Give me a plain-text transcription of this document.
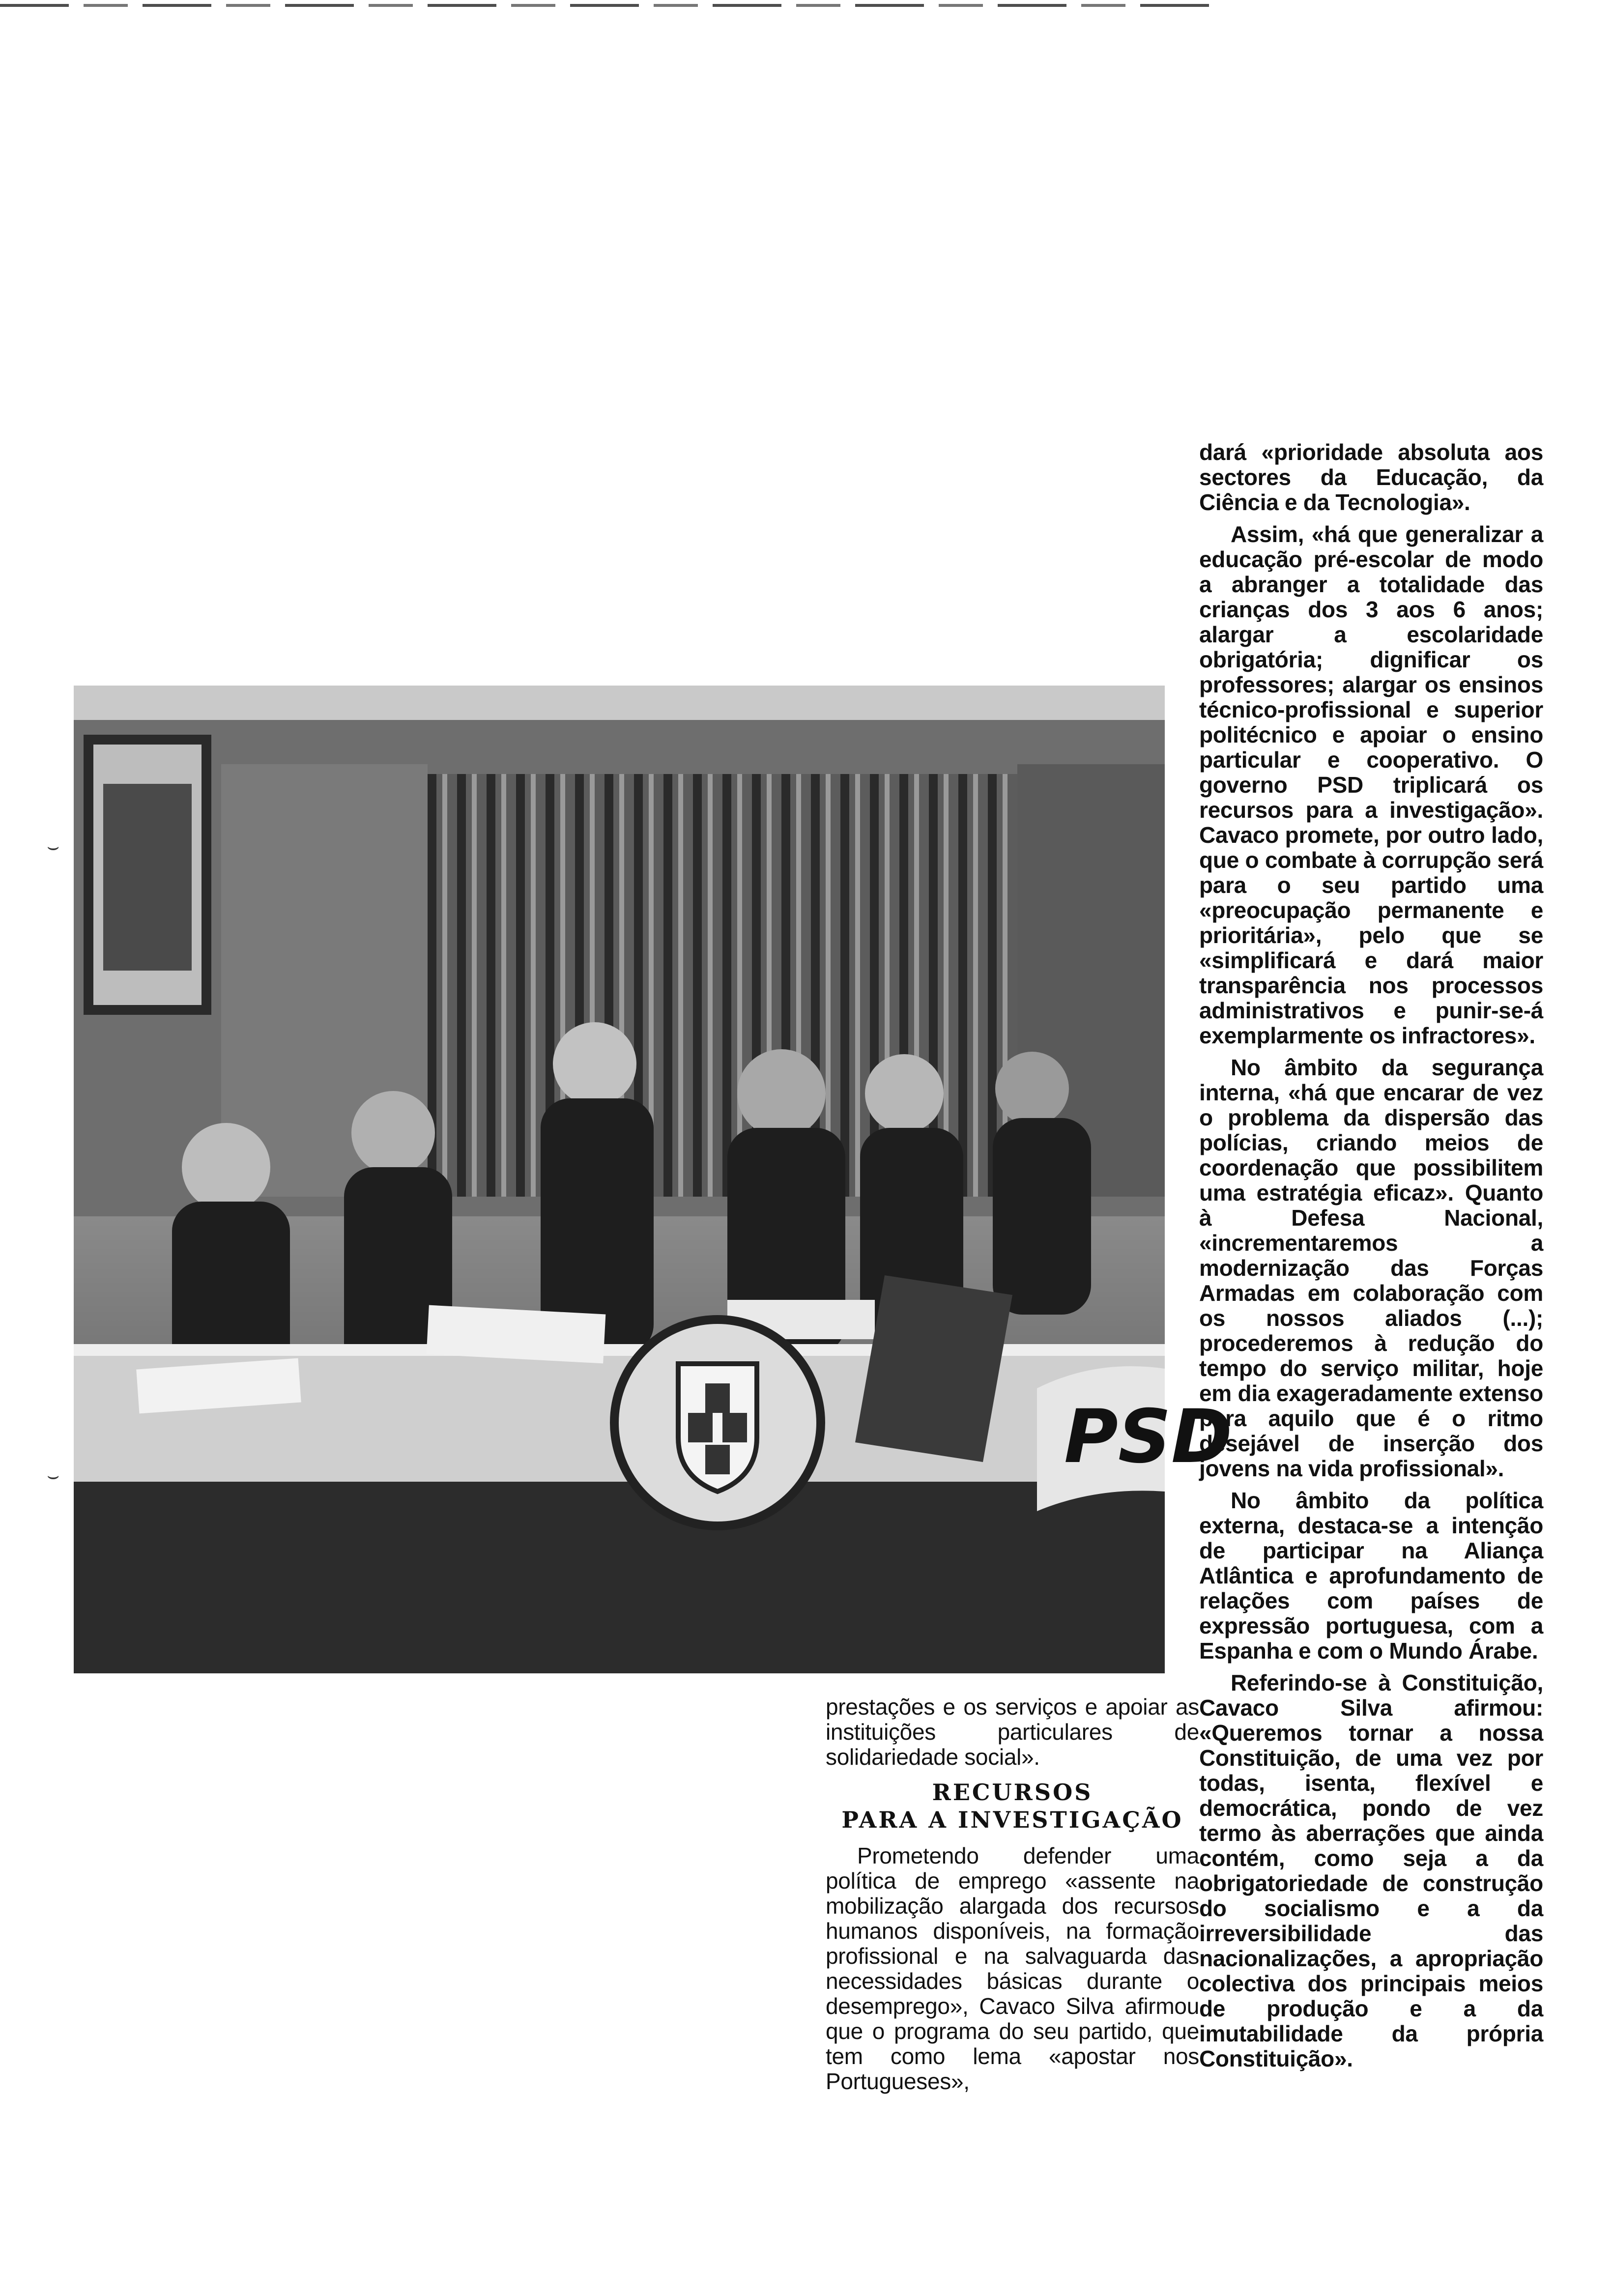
PSD

dará «prioridade absoluta aos sectores da Educação, da Ciência e da Tecnologia».

Assim, «há que generalizar a educação pré-escolar de modo a abranger a totalidade das crianças dos 3 aos 6 anos; alargar a escolaridade obrigatória; dignificar os professores; alargar os ensinos técnico-profissional e superior politécnico e apoiar o ensino particular e cooperativo. O governo PSD triplicará os recursos para a investigação». Cavaco promete, por outro lado, que o combate à corrupção será para o seu partido uma «preocupação permanente e prioritária», pelo que se «simplificará e dará maior transparência nos processos administrativos e punir-se-á exemplarmente os infractores».

No âmbito da segurança interna, «há que encarar de vez o problema da dispersão das polícias, criando meios de coordenação que possibilitem uma estratégia eficaz». Quanto à Defesa Nacional, «incrementaremos a modernização das Forças Armadas em colaboração com os nossos aliados (...); procederemos à redução do tempo do serviço militar, hoje em dia exageradamente extenso para aquilo que é o ritmo desejável de inserção dos jovens na vida profissional».

No âmbito da política externa, destaca-se a intenção de participar na Aliança Atlântica e aprofundamento de relações com países de expressão portuguesa, com a Espanha e com o Mundo Árabe.

Referindo-se à Constituição, Cavaco Silva afirmou: «Queremos tornar a nossa Constituição, de uma vez por todas, isenta, flexível e democrática, pondo de vez termo às aberrações que ainda contém, como seja a da obrigatoriedade de construção do socialismo e a da irreversibilidade das nacionalizações, a apropriação colectiva dos principais meios de produção e a da imutabilidade da própria Constituição».

prestações e os serviços e apoiar as instituições particulares de solidariedade social».

RECURSOS
PARA A INVESTIGAÇÃO

Prometendo defender uma política de emprego «assente na mobilização alargada dos recursos humanos disponíveis, na formação profissional e na salvaguarda das necessidades básicas durante o desemprego», Cavaco Silva afirmou que o programa do seu partido, que tem como lema «apostar nos Portugueses»,

⌣
⌣
